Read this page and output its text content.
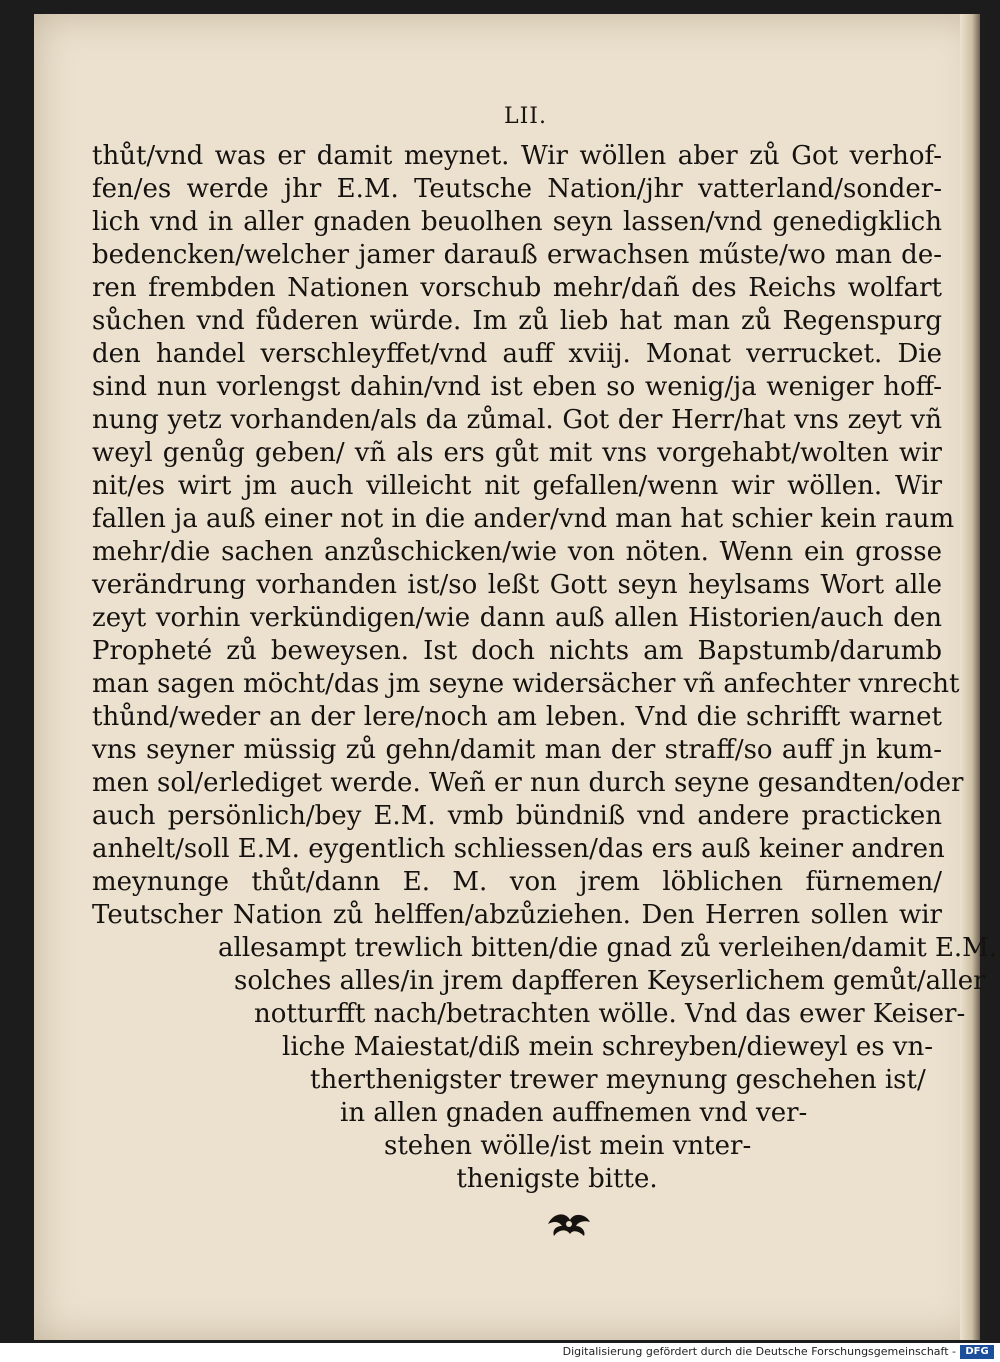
LII.

thůt/vnd was er damit meynet. Wir wöllen aber zů Got verhof-

fen/es werde jhr E.M. Teutsche Nation/jhr vatterland/sonder-

lich vnd in aller gnaden beuolhen seyn lassen/vnd genedigklich

bedencken/welcher jamer darauß erwachsen műste/wo man de-

ren frembden Nationen vorschub mehr/dañ des Reichs wolfart

sůchen vnd fůderen würde. Im zů lieb hat man zů Regenspurg

den handel verschleyffet/vnd auff xviij. Monat verrucket. Die

sind nun vorlengst dahin/vnd ist eben so wenig/ja weniger hoff-

nung yetz vorhanden/als da zůmal. Got der Herr/hat vns zeyt vñ

weyl genůg geben/ vñ als ers gůt mit vns vorgehabt/wolten wir

nit/es wirt jm auch villeicht nit gefallen/wenn wir wöllen. Wir

fallen ja auß einer not in die ander/vnd man hat schier kein raum

mehr/die sachen anzůschicken/wie von nöten. Wenn ein grosse

verändrung vorhanden ist/so leßt Gott seyn heylsams Wort alle

zeyt vorhin verkündigen/wie dann auß allen Historien/auch den

Propheté zů beweysen. Ist doch nichts am Bapstumb/darumb

man sagen möcht/das jm seyne widersächer vñ anfechter vnrecht

thůnd/weder an der lere/noch am leben. Vnd die schrifft warnet

vns seyner müssig zů gehn/damit man der straff/so auff jn kum-

men sol/erlediget werde. Weñ er nun durch seyne gesandten/oder

auch persönlich/bey E.M. vmb bündniß vnd andere practicken

anhelt/soll E.M. eygentlich schliessen/das ers auß keiner andren

meynunge thůt/dann E. M. von jrem löblichen fürnemen/

Teutscher Nation zů helffen/abzůziehen. Den Herren sollen wir

allesampt trewlich bitten/die gnad zů verleihen/damit E.M.

solches alles/in jrem dapfferen Keyserlichem gemůt/aller

notturfft nach/betrachten wölle. Vnd das ewer Keiser-

liche Maiestat/diß mein schreyben/dieweyl es vn-

therthenigster trewer meynung geschehen ist/

in allen gnaden auffnemen vnd ver-

stehen wölle/ist mein vnter-

thenigste bitte.

Digitalisierung gefördert durch die Deutsche Forschungsgemeinschaft - DFG
